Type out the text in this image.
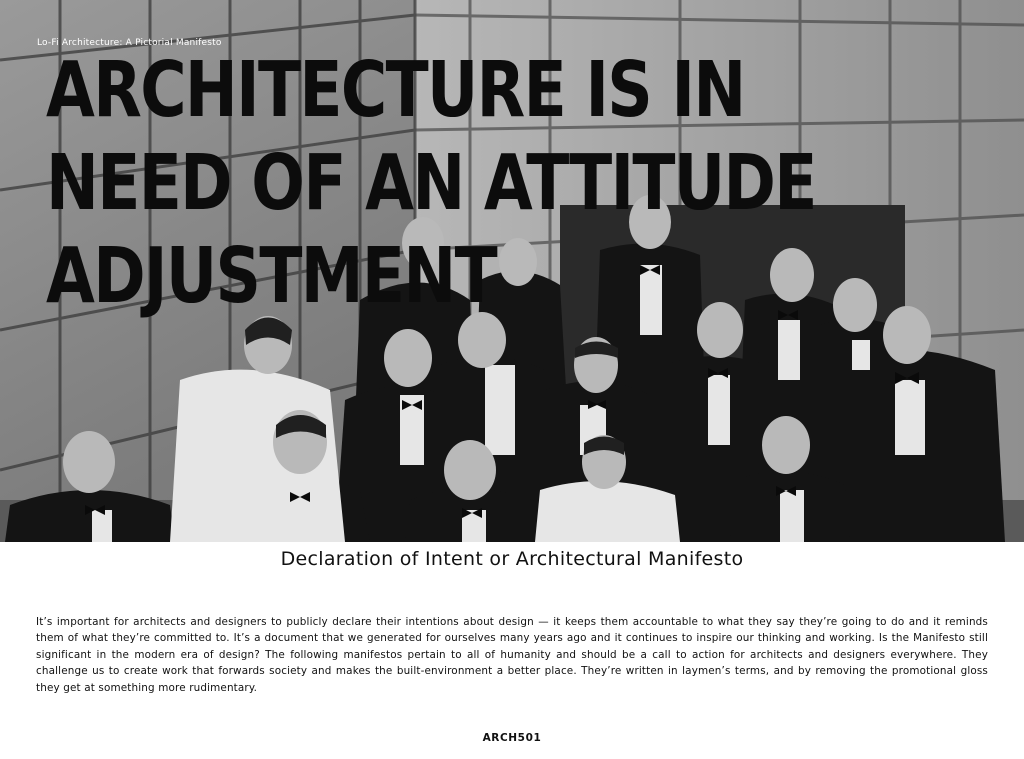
Lo-Fi Architecture: A Pictorial Manifesto
ARCHITECTURE IS IN
NEED OF AN ATTITUDE
ADJUSTMENT
Declaration of Intent or Architectural Manifesto

It’s important for architects and designers to publicly declare their intentions about design — it keeps them accountable to what they say they’re going to do and it reminds them of what they’re committed to. It’s a document that we generated for ourselves many years ago and it continues to inspire our thinking and working. Is the Manifesto still significant in the modern era of design? The following manifestos pertain to all of humanity and should be a call to action for architects and designers everywhere. They challenge us to create work that forwards society and makes the built-environment a better place. They’re written in laymen’s terms, and by removing the promotional gloss they get at something more rudimentary.

ARCH501
